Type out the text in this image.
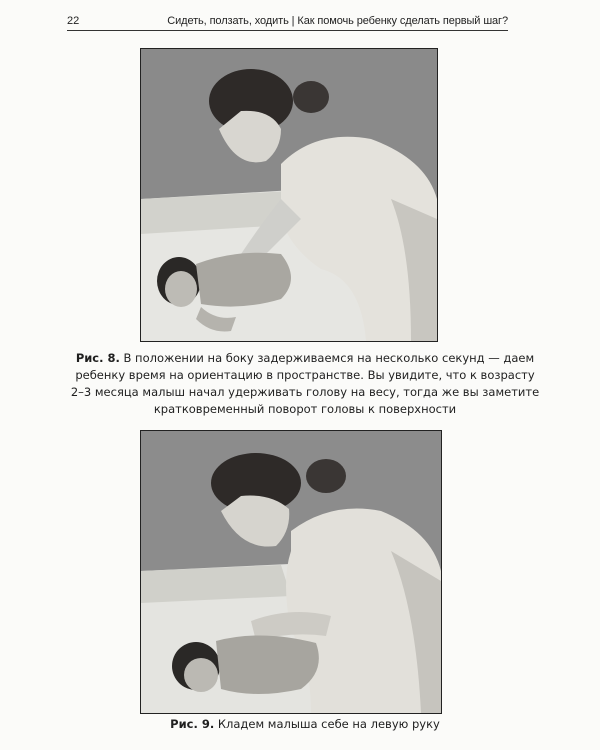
22	Сидеть, ползать, ходить | Как помочь ребенку сделать первый шаг?
Рис. 8. В положении на боку задерживаемся на несколько секунд — даем ребенку время на ориентацию в пространстве. Вы увидите, что к возрасту 2–3 месяца малыш начал удерживать голову на весу, тогда же вы заметите кратковременный поворот головы к поверхности
Рис. 9. Кладем малыша себе на левую руку
